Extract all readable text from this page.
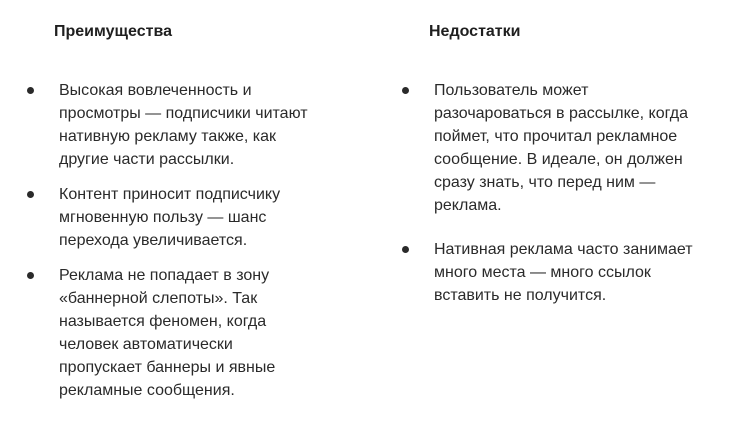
Преимущества
Высокая вовлеченность и
просмотры — подписчики читают
нативную рекламу также, как
другие части рассылки.
Контент приносит подписчику
мгновенную пользу — шанс
перехода увеличивается.
Реклама не попадает в зону
«баннерной слепоты». Так
называется феномен, когда
человек автоматически
пропускает баннеры и явные
рекламные сообщения.
Недостатки
Пользователь может
разочароваться в рассылке, когда
поймет, что прочитал рекламное
сообщение. В идеале, он должен
сразу знать, что перед ним —
реклама.
Нативная реклама часто занимает
много места — много ссылок
вставить не получится.
